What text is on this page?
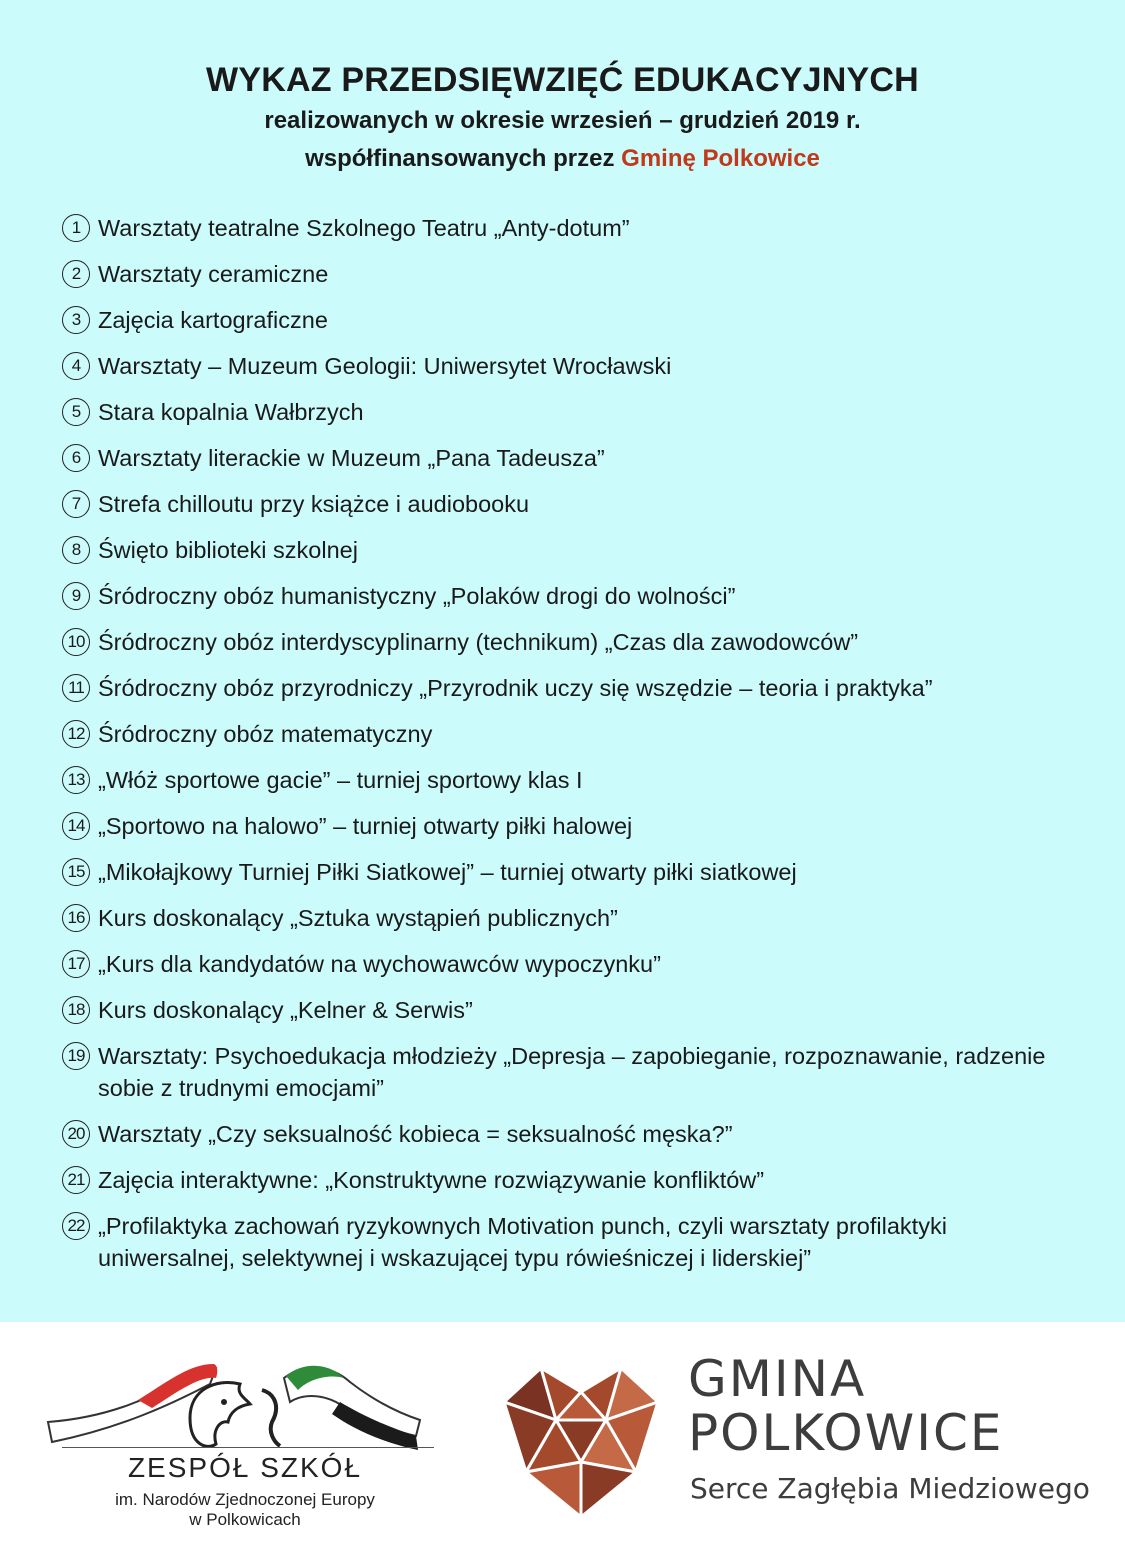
WYKAZ PRZEDSIĘWZIĘĆ EDUKACYJNYCH
realizowanych w okresie wrzesień – grudzień 2019 r.
współfinansowanych przez Gminę Polkowice
1 Warsztaty teatralne Szkolnego Teatru „Anty-dotum”
2 Warsztaty ceramiczne
3 Zajęcia kartograficzne
4 Warsztaty – Muzeum Geologii: Uniwersytet Wrocławski
5 Stara kopalnia Wałbrzych
6 Warsztaty literackie w Muzeum „Pana Tadeusza”
7 Strefa chilloutu przy książce i audiobooku
8 Święto biblioteki szkolnej
9 Śródroczny obóz humanistyczny „Polaków drogi do wolności”
10 Śródroczny obóz interdyscyplinarny (technikum) „Czas dla zawodowców”
11 Śródroczny obóz przyrodniczy „Przyrodnik uczy się wszędzie – teoria i praktyka”
12 Śródroczny obóz matematyczny
13 „Włóż sportowe gacie” – turniej sportowy klas I
14 „Sportowo na halowo” – turniej otwarty piłki halowej
15 „Mikołajkowy Turniej Piłki Siatkowej” – turniej otwarty piłki siatkowej
16 Kurs doskonalący „Sztuka wystąpień publicznych”
17 „Kurs dla kandydatów na wychowawców wypoczynku”
18 Kurs doskonalący „Kelner & Serwis”
19 Warsztaty: Psychoedukacja młodzieży „Depresja – zapobieganie, rozpoznawanie, radzenie sobie z trudnymi emocjami”
20 Warsztaty „Czy seksualność kobieca = seksualność męska?”
21 Zajęcia interaktywne: „Konstruktywne rozwiązywanie konfliktów”
22 „Profilaktyka zachowań ryzykownych Motivation punch, czyli warsztaty profilaktyki uniwersalnej, selektywnej i wskazującej typu rówieśniczej i liderskiej”
ZESPÓŁ SZKÓŁ
im. Narodów Zjednoczonej Europy
w Polkowicach
GMINA
POLKOWICE
Serce Zagłębia Miedziowego
